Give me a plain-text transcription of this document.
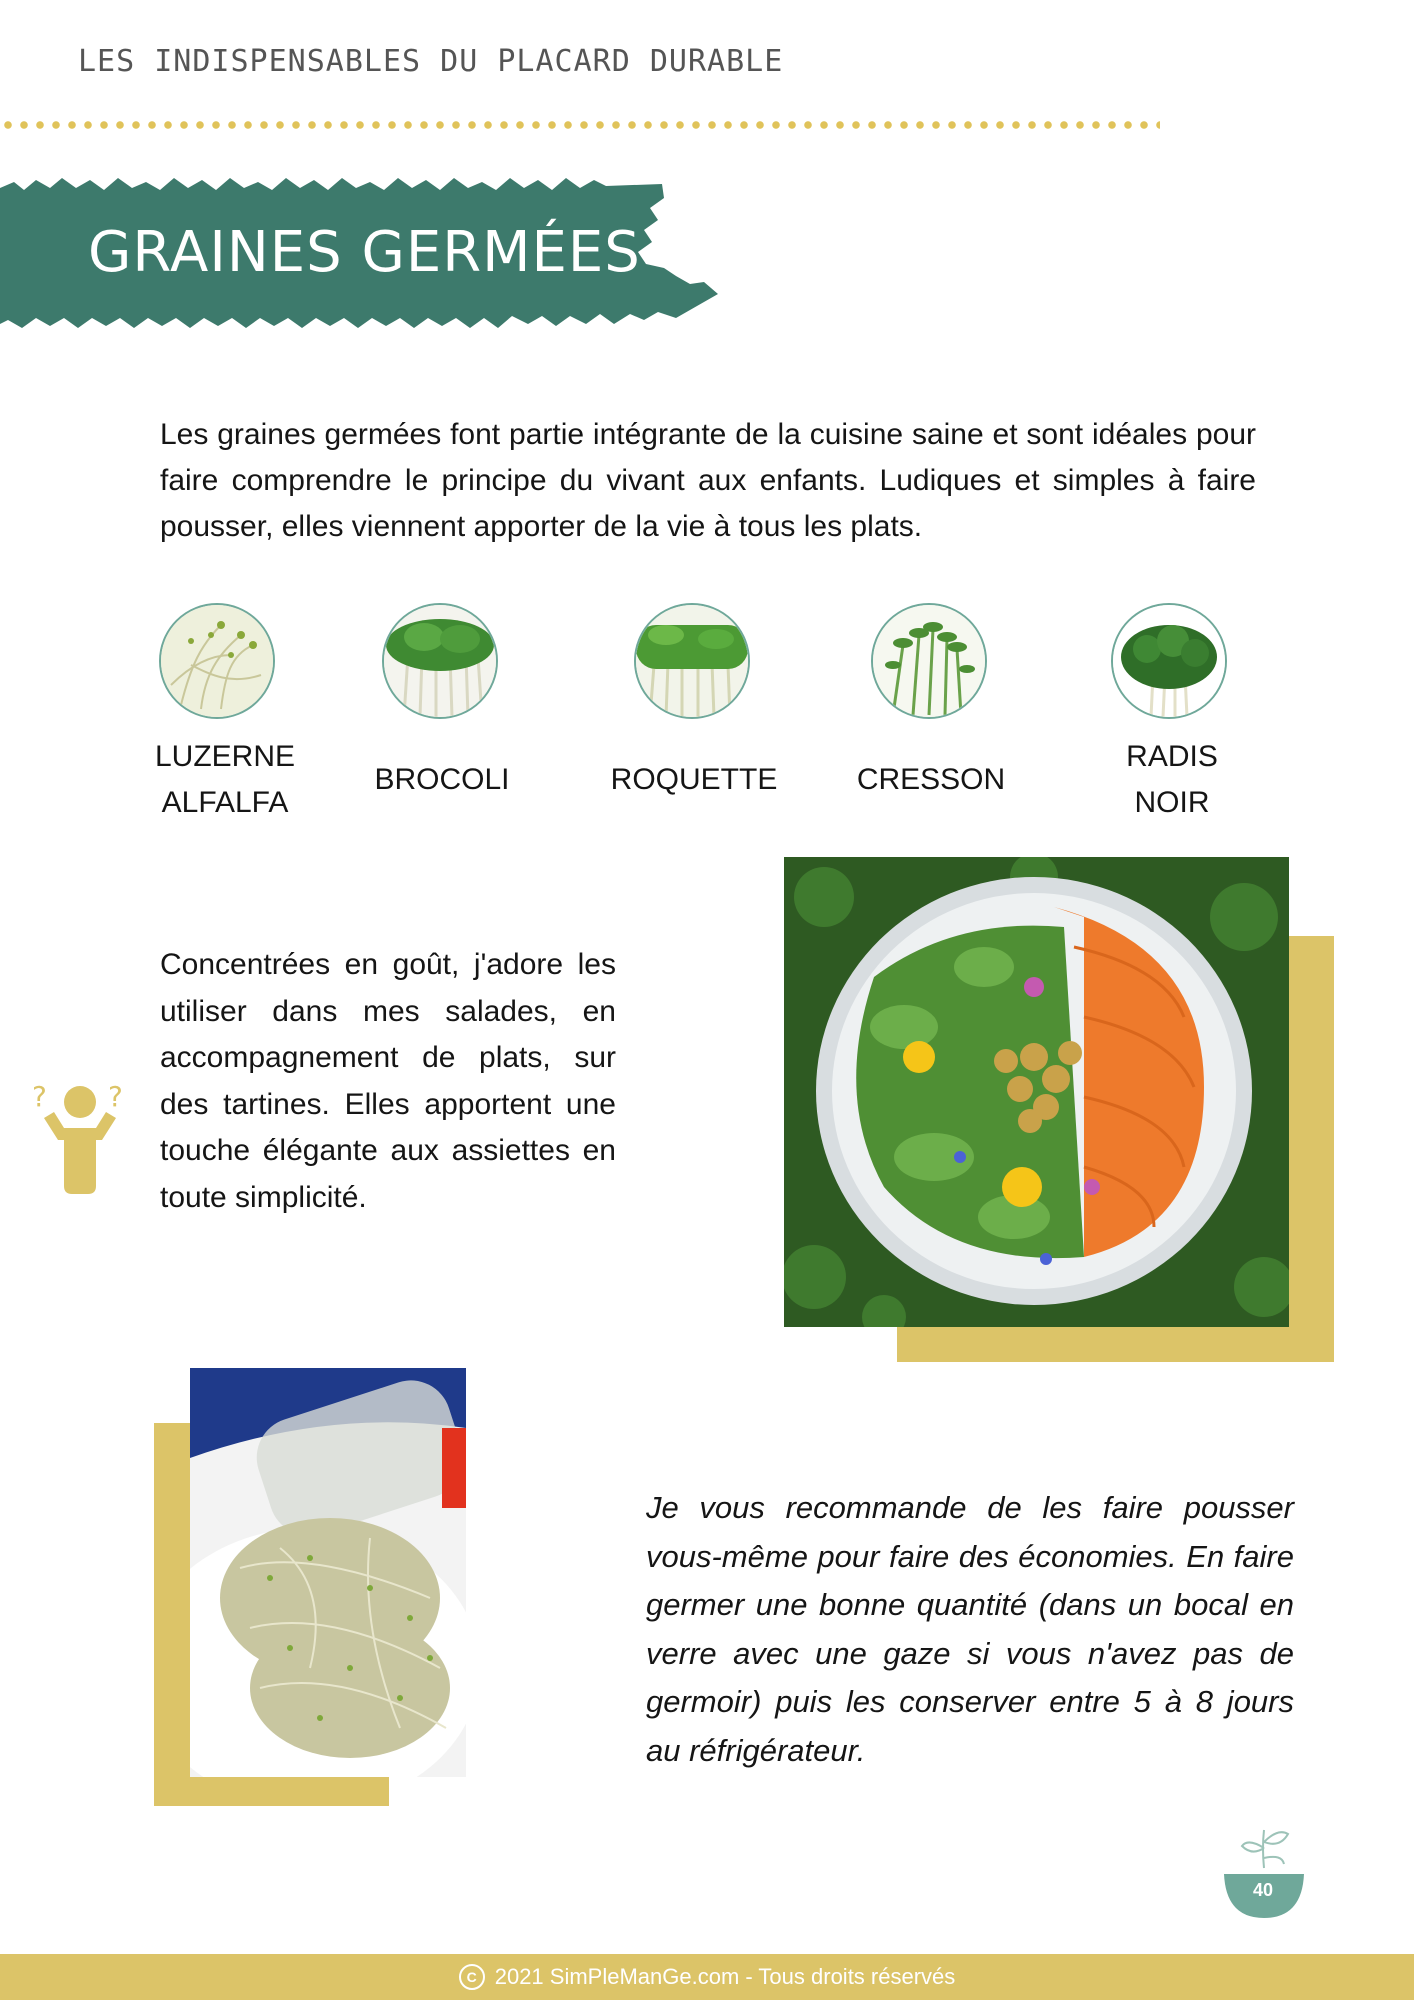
LES INDISPENSABLES DU PLACARD DURABLE
GRAINES GERMÉES
Les graines germées font partie intégrante de la cuisine saine et sont idéales pour faire comprendre le principe du vivant aux enfants. Ludiques et simples à faire pousser, elles viennent apporter de la vie à tous les plats.
LUZERNE
ALFALFA
BROCOLI	ROQUETTE	CRESSON
RADIS
NOIR
? ?
Concentrées en goût, j'adore les utiliser dans mes salades, en accompagnement de plats, sur des tartines. Elles apportent une touche élégante aux assiettes en toute simplicité.
Je vous recommande de les faire pousser vous-même pour faire des économies. En faire germer une bonne quantité (dans un bocal en verre avec une gaze si vous n'avez pas de germoir) puis les conserver entre 5 à 8 jours au réfrigérateur.
40
C 2021 SimPleManGe.com - Tous droits réservés
